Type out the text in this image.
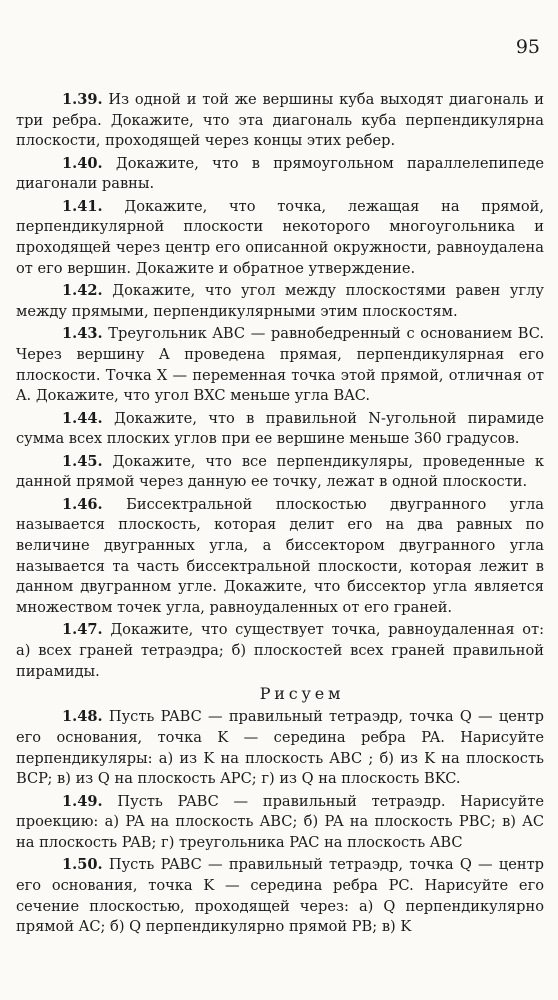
95

1.39. Из одной и той же вершины куба выходят диагональ и три ребра. Докажите, что эта диагональ куба перпендикулярна плоскости, проходящей через концы этих ребер.

1.40. Докажите, что в прямоугольном параллелепипеде диагонали равны.

1.41. Докажите, что точка, лежащая на прямой, перпендикулярной плоскости некоторого многоугольника и проходящей через центр его описанной окружности, равноудалена от его вершин. Докажите и обратное утверждение.

1.42. Докажите, что угол между плоскостями равен углу между прямыми, перпендикулярными этим плоскостям.

1.43. Треугольник ABC — равнобедренный с основанием BC. Через вершину A проведена прямая, перпендикулярная его плоскости. Точка X — переменная точка этой прямой, отличная от A. Докажите, что угол BXC меньше угла BAC.

1.44. Докажите, что в правильной N-угольной пирамиде сумма всех плоских углов при ее вершине меньше 360 градусов.

1.45. Докажите, что все перпендикуляры, проведенные к данной прямой через данную ее точку, лежат в одной плоскости.

1.46. Биссектральной плоскостью двугранного угла называется плоскость, которая делит его на два равных по величине двугранных угла, а биссектором двугранного угла называется та часть биссектральной плоскости, которая лежит в данном двугранном угле. Докажите, что биссектор угла является множеством точек угла, равноудаленных от его граней.

1.47. Докажите, что существует точка, равноудаленная от: а) всех граней тетраэдра; б) плоскостей всех граней правильной пирамиды.

Рисуем

1.48. Пусть PABC — правильный тетраэдр, точка Q — центр его основания, точка K — середина ребра PA. Нарисуйте перпендикуляры: а) из K на плоскость ABC ; б) из K на плоскость BCP; в) из Q на плоскость APC; г) из Q на плоскость BKC.

1.49. Пусть PABC — правильный тетраэдр. Нарисуйте проекцию: а) PA на плоскость ABC; б) PA на плоскость PBC; в) AC на плоскость PAB; г) треугольника PAC на плоскость ABC

1.50. Пусть PABC — правильный тетраэдр, точка Q — центр его основания, точка K — середина ребра PC. Нарисуйте его сечение плоскостью, проходящей через: а) Q перпендикулярно прямой AC; б) Q перпендикулярно прямой PB; в) K
